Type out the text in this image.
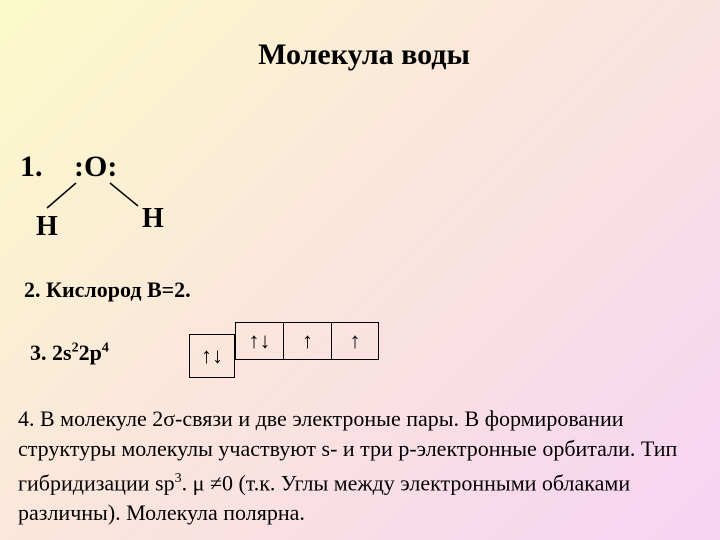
Молекула воды
1. :O:
H	H
2. Кислород B=2.
3. $2s^22p^4$	↑↓
↑↓	↑	↑
4. В молекуле 2σ-связи и две электроные пары. В формировании структуры молекулы участвуют s- и три p-электронные орбитали. Тип гибридизации $sp^3$. μ ≠0 (т.к. Углы между электронными облаками различны). Молекула полярна.
